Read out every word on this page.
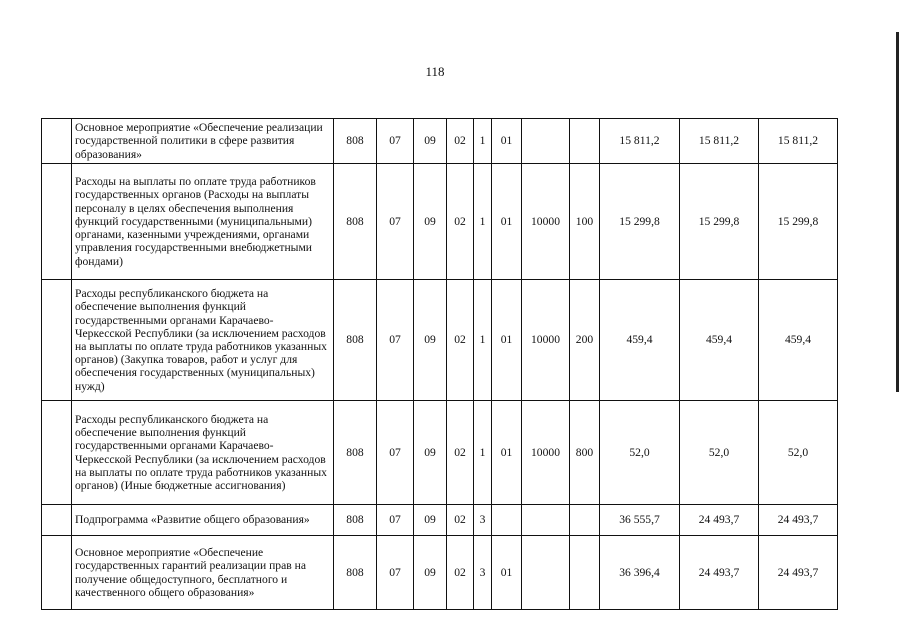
118
	Основное мероприятие «Обеспечение реализации государственной политики в сфере развития образования»	808	07	09	02	1	01			15 811,2	15 811,2	15 811,2
	Расходы на выплаты по оплате труда работников государственных органов (Расходы на выплаты персоналу в целях обеспечения выполнения функций государственными (муниципальными) органами, казенными учреждениями, органами управления государственными внебюджетными фондами)	808	07	09	02	1	01	10000	100	15 299,8	15 299,8	15 299,8
	Расходы республиканского бюджета на обеспечение выполнения функций государственными органами Карачаево-Черкесской Республики (за исключением расходов на выплаты по оплате труда работников указанных органов) (Закупка товаров, работ и услуг для обеспечения государственных (муниципальных) нужд)	808	07	09	02	1	01	10000	200	459,4	459,4	459,4
	Расходы республиканского бюджета на обеспечение выполнения функций государственными органами Карачаево-Черкесской Республики (за исключением расходов на выплаты по оплате труда работников указанных органов) (Иные бюджетные ассигнования)	808	07	09	02	1	01	10000	800	52,0	52,0	52,0
	Подпрограмма «Развитие общего образования»	808	07	09	02	3				36 555,7	24 493,7	24 493,7
	Основное мероприятие «Обеспечение государственных гарантий реализации прав на получение общедоступного, бесплатного и качественного общего образования»	808	07	09	02	3	01			36 396,4	24 493,7	24 493,7
